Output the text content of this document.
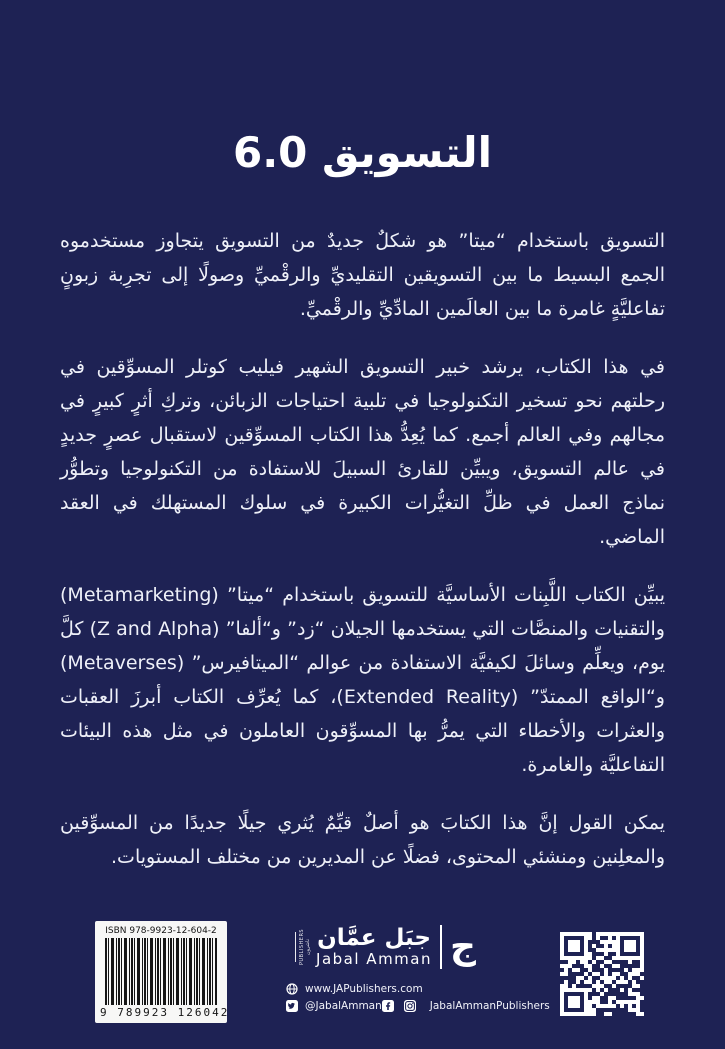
التسويق 6.0

التسويق باستخدام “ميتا” هو شكلٌ جديدٌ من التسويق يتجاوز مستخدموه الجمع البسيط ما بين التسويقين التقليديِّ والرقْميِّ وصولًا إلى تجرِبة زبونٍ تفاعليَّةٍ غامرة ما بين العالَمين المادِّيِّ والرقْميِّ.

في هذا الكتاب، يرشد خبير التسويق الشهير فيليب كوتلر المسوِّقين في رحلتهم نحو تسخير التكنولوجيا في تلبية احتياجات الزبائن، وتركِ أثرٍ كبيرٍ في مجالهم وفي العالم أجمع. كما يُعِدُّ هذا الكتاب المسوِّقين لاستقبال عصرٍ جديدٍ في عالم التسويق، ويبيِّن للقارئ السبيلَ للاستفادة من التكنولوجيا وتطوُّر نماذج العمل في ظلِّ التغيُّرات الكبيرة في سلوك المستهلك في العقد الماضي.

يبيِّن الكتاب اللَّبِنات الأساسيَّة للتسويق باستخدام “ميتا” (Metamarketing) والتقنيات والمنصَّات التي يستخدمها الجيلان “زد” و“ألفا” (Z and Alpha) كلَّ يوم، ويعلِّم وسائلَ لكيفيَّة الاستفادة من عوالم “الميتافيرس” (Metaverses) و“الواقع الممتدّ” (Extended Reality)، كما يُعرِّف الكتاب أبرزَ العقبات والعثرات والأخطاء التي يمرُّ بها المسوِّقون العاملون في مثل هذه البيئات التفاعليَّة والغامرة.

يمكن القول إنَّ هذا الكتابَ هو أصلٌ قيِّمٌ يُثري جيلًا جديدًا من المسوِّقين والمعلِنين ومنشئي المحتوى، فضلًا عن المديرين من مختلف المستويات.

ISBN 978-9923-12-604-2
9 789923 126042
PUBLISHERS ناشرون جبَل عمَّان
Jabal Amman ج
www.JAPublishers.com
@JabalAmman	JabalAmmanPublishers
